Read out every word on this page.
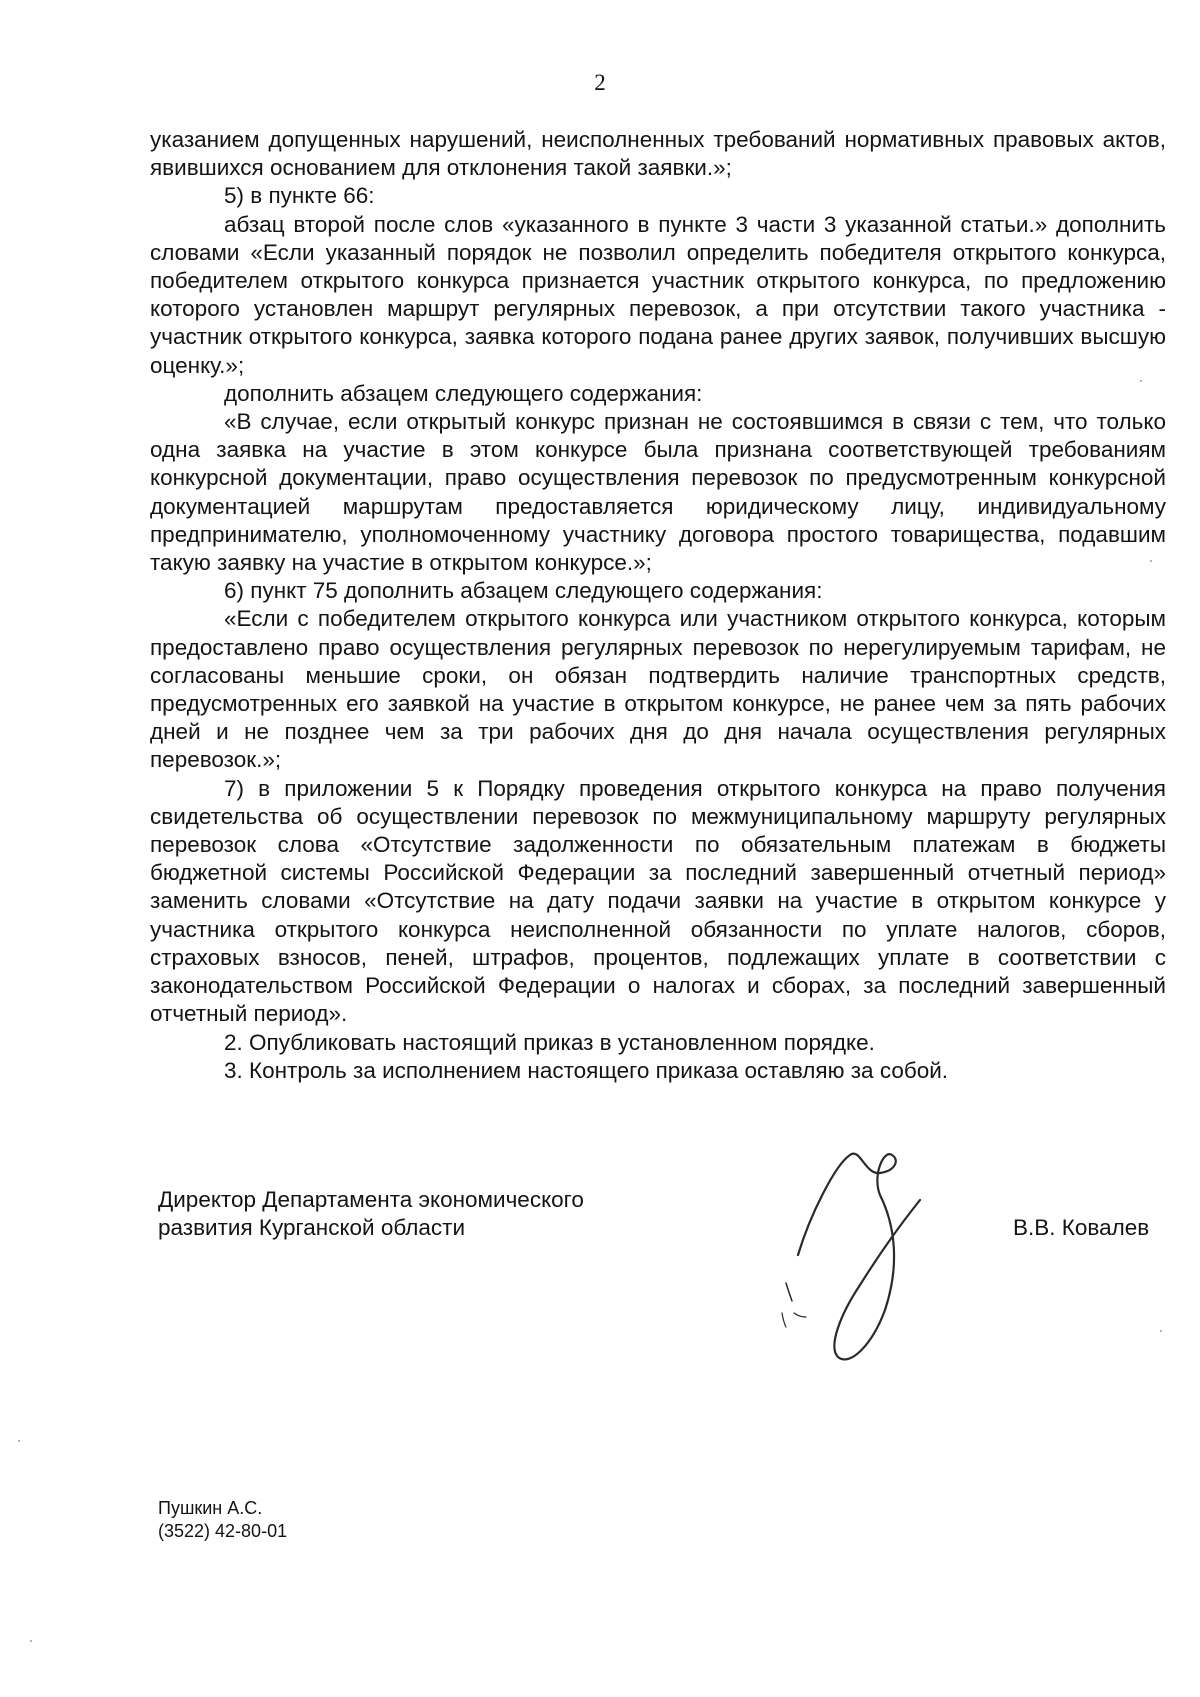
2

указанием допущенных нарушений, неисполненных требований нормативных правовых актов, явившихся основанием для отклонения такой заявки.»;

5) в пункте 66:

абзац второй после слов «указанного в пункте 3 части 3 указанной статьи.» дополнить словами «Если указанный порядок не позволил определить победителя открытого конкурса, победителем открытого конкурса признается участник открытого конкурса, по предложению которого установлен маршрут регулярных перевозок, а при отсутствии такого участника - участник открытого конкурса, заявка которого подана ранее других заявок, получивших высшую оценку.»;

дополнить абзацем следующего содержания:

«В случае, если открытый конкурс признан не состоявшимся в связи с тем, что только одна заявка на участие в этом конкурсе была признана соответствующей требованиям конкурсной документации, право осуществления перевозок по предусмотренным конкурсной документацией маршрутам предоставляется юридическому лицу, индивидуальному предпринимателю, уполномоченному участнику договора простого товарищества, подавшим такую заявку на участие в открытом конкурсе.»;

6) пункт 75 дополнить абзацем следующего содержания:

«Если с победителем открытого конкурса или участником открытого конкурса, которым предоставлено право осуществления регулярных перевозок по нерегулируемым тарифам, не согласованы меньшие сроки, он обязан подтвердить наличие транспортных средств, предусмотренных его заявкой на участие в открытом конкурсе, не ранее чем за пять рабочих дней и не позднее чем за три рабочих дня до дня начала осуществления регулярных перевозок.»;

7) в приложении 5 к Порядку проведения открытого конкурса на право получения свидетельства об осуществлении перевозок по межмуниципальному маршруту регулярных перевозок слова «Отсутствие задолженности по обязательным платежам в бюджеты бюджетной системы Российской Федерации за последний завершенный отчетный период» заменить словами «Отсутствие на дату подачи заявки на участие в открытом конкурсе у участника открытого конкурса неисполненной обязанности по уплате налогов, сборов, страховых взносов, пеней, штрафов, процентов, подлежащих уплате в соответствии с законодательством Российской Федерации о налогах и сборах, за последний завершенный отчетный период».

2. Опубликовать настоящий приказ в установленном порядке.

3. Контроль за исполнением настоящего приказа оставляю за собой.

Директор Департамента экономического
развития Курганской области	В.В. Ковалев
Пушкин А.С.
(3522) 42-80-01
